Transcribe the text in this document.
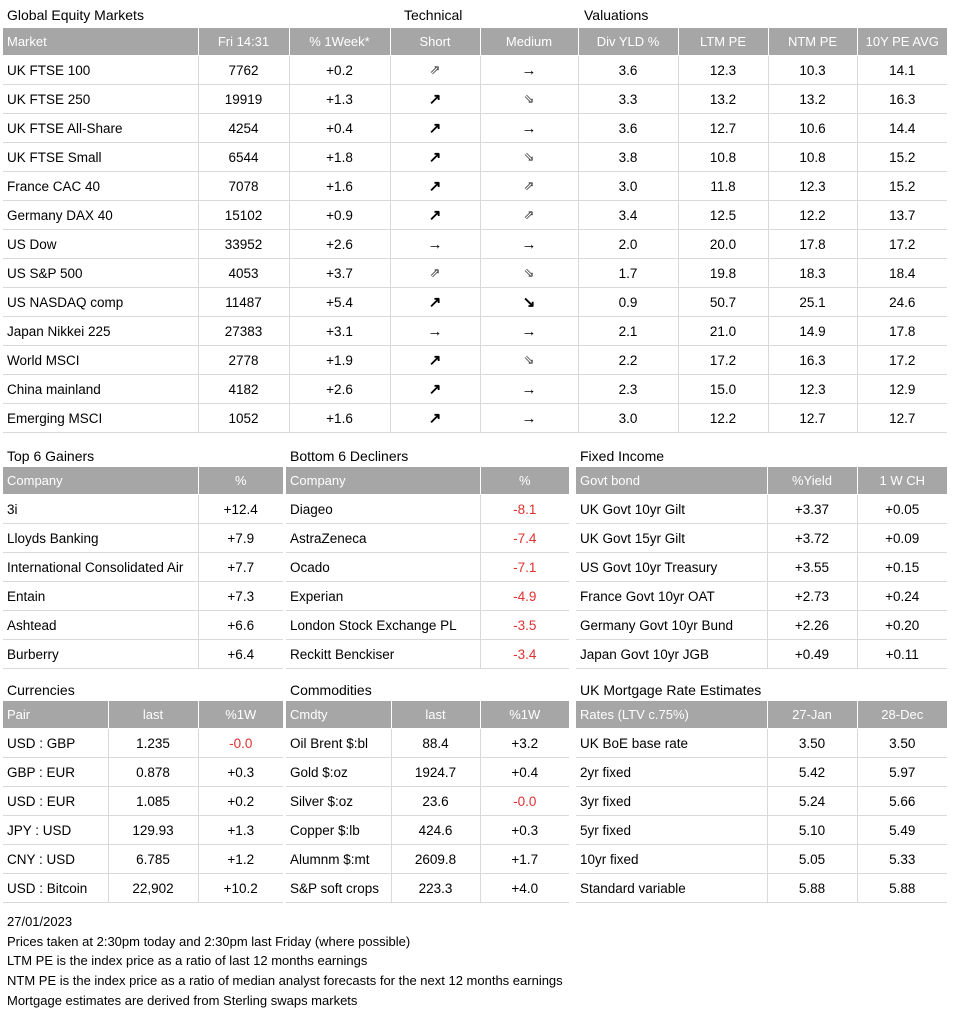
Global Equity Markets	Technical	Valuations
Market	Fri 14:31	% 1Week*	Short	Medium	Div YLD %	LTM PE	NTM PE	10Y PE AVG
UK FTSE 100	7762	+0.2	⇗	→	3.6	12.3	10.3	14.1
UK FTSE 250	19919	+1.3	↗	⇘	3.3	13.2	13.2	16.3
UK FTSE All-Share	4254	+0.4	↗	→	3.6	12.7	10.6	14.4
UK FTSE Small	6544	+1.8	↗	⇘	3.8	10.8	10.8	15.2
France CAC 40	7078	+1.6	↗	⇗	3.0	11.8	12.3	15.2
Germany DAX 40	15102	+0.9	↗	⇗	3.4	12.5	12.2	13.7
US Dow	33952	+2.6	→	→	2.0	20.0	17.8	17.2
US S&P 500	4053	+3.7	⇗	⇘	1.7	19.8	18.3	18.4
US NASDAQ comp	11487	+5.4	↗	↘	0.9	50.7	25.1	24.6
Japan Nikkei 225	27383	+3.1	→	→	2.1	21.0	14.9	17.8
World MSCI	2778	+1.9	↗	⇘	2.2	17.2	16.3	17.2
China mainland	4182	+2.6	↗	→	2.3	15.0	12.3	12.9
Emerging MSCI	1052	+1.6	↗	→	3.0	12.2	12.7	12.7
Top 6 Gainers	Bottom 6 Decliners	Fixed Income
Company	%
3i	+12.4
Lloyds Banking	+7.9
International Consolidated Air	+7.7
Entain	+7.3
Ashtead	+6.6
Burberry	+6.4
Company	%
Diageo	-8.1
AstraZeneca	-7.4
Ocado	-7.1
Experian	-4.9
London Stock Exchange PL	-3.5
Reckitt Benckiser	-3.4
Govt bond	%Yield	1 W CH
UK Govt 10yr Gilt	+3.37	+0.05
UK Govt 15yr Gilt	+3.72	+0.09
US Govt 10yr Treasury	+3.55	+0.15
France Govt 10yr OAT	+2.73	+0.24
Germany Govt 10yr Bund	+2.26	+0.20
Japan Govt 10yr JGB	+0.49	+0.11
Currencies	Commodities	UK Mortgage Rate Estimates
Pair	last	%1W
USD : GBP	1.235	-0.0
GBP : EUR	0.878	+0.3
USD : EUR	1.085	+0.2
JPY : USD	129.93	+1.3
CNY : USD	6.785	+1.2
USD : Bitcoin	22,902	+10.2
Cmdty	last	%1W
Oil Brent $:bl	88.4	+3.2
Gold $:oz	1924.7	+0.4
Silver $:oz	23.6	-0.0
Copper $:lb	424.6	+0.3
Alumnm $:mt	2609.8	+1.7
S&P soft crops	223.3	+4.0
Rates (LTV c.75%)	27-Jan	28-Dec
UK BoE base rate	3.50	3.50
2yr fixed	5.42	5.97
3yr fixed	5.24	5.66
5yr fixed	5.10	5.49
10yr fixed	5.05	5.33
Standard variable	5.88	5.88
27/01/2023
Prices taken at 2:30pm today and 2:30pm last Friday (where possible)
LTM PE is the index price as a ratio of last 12 months earnings
NTM PE is the index price as a ratio of median analyst forecasts for the next 12 months earnings
Mortgage estimates are derived from Sterling swaps markets
